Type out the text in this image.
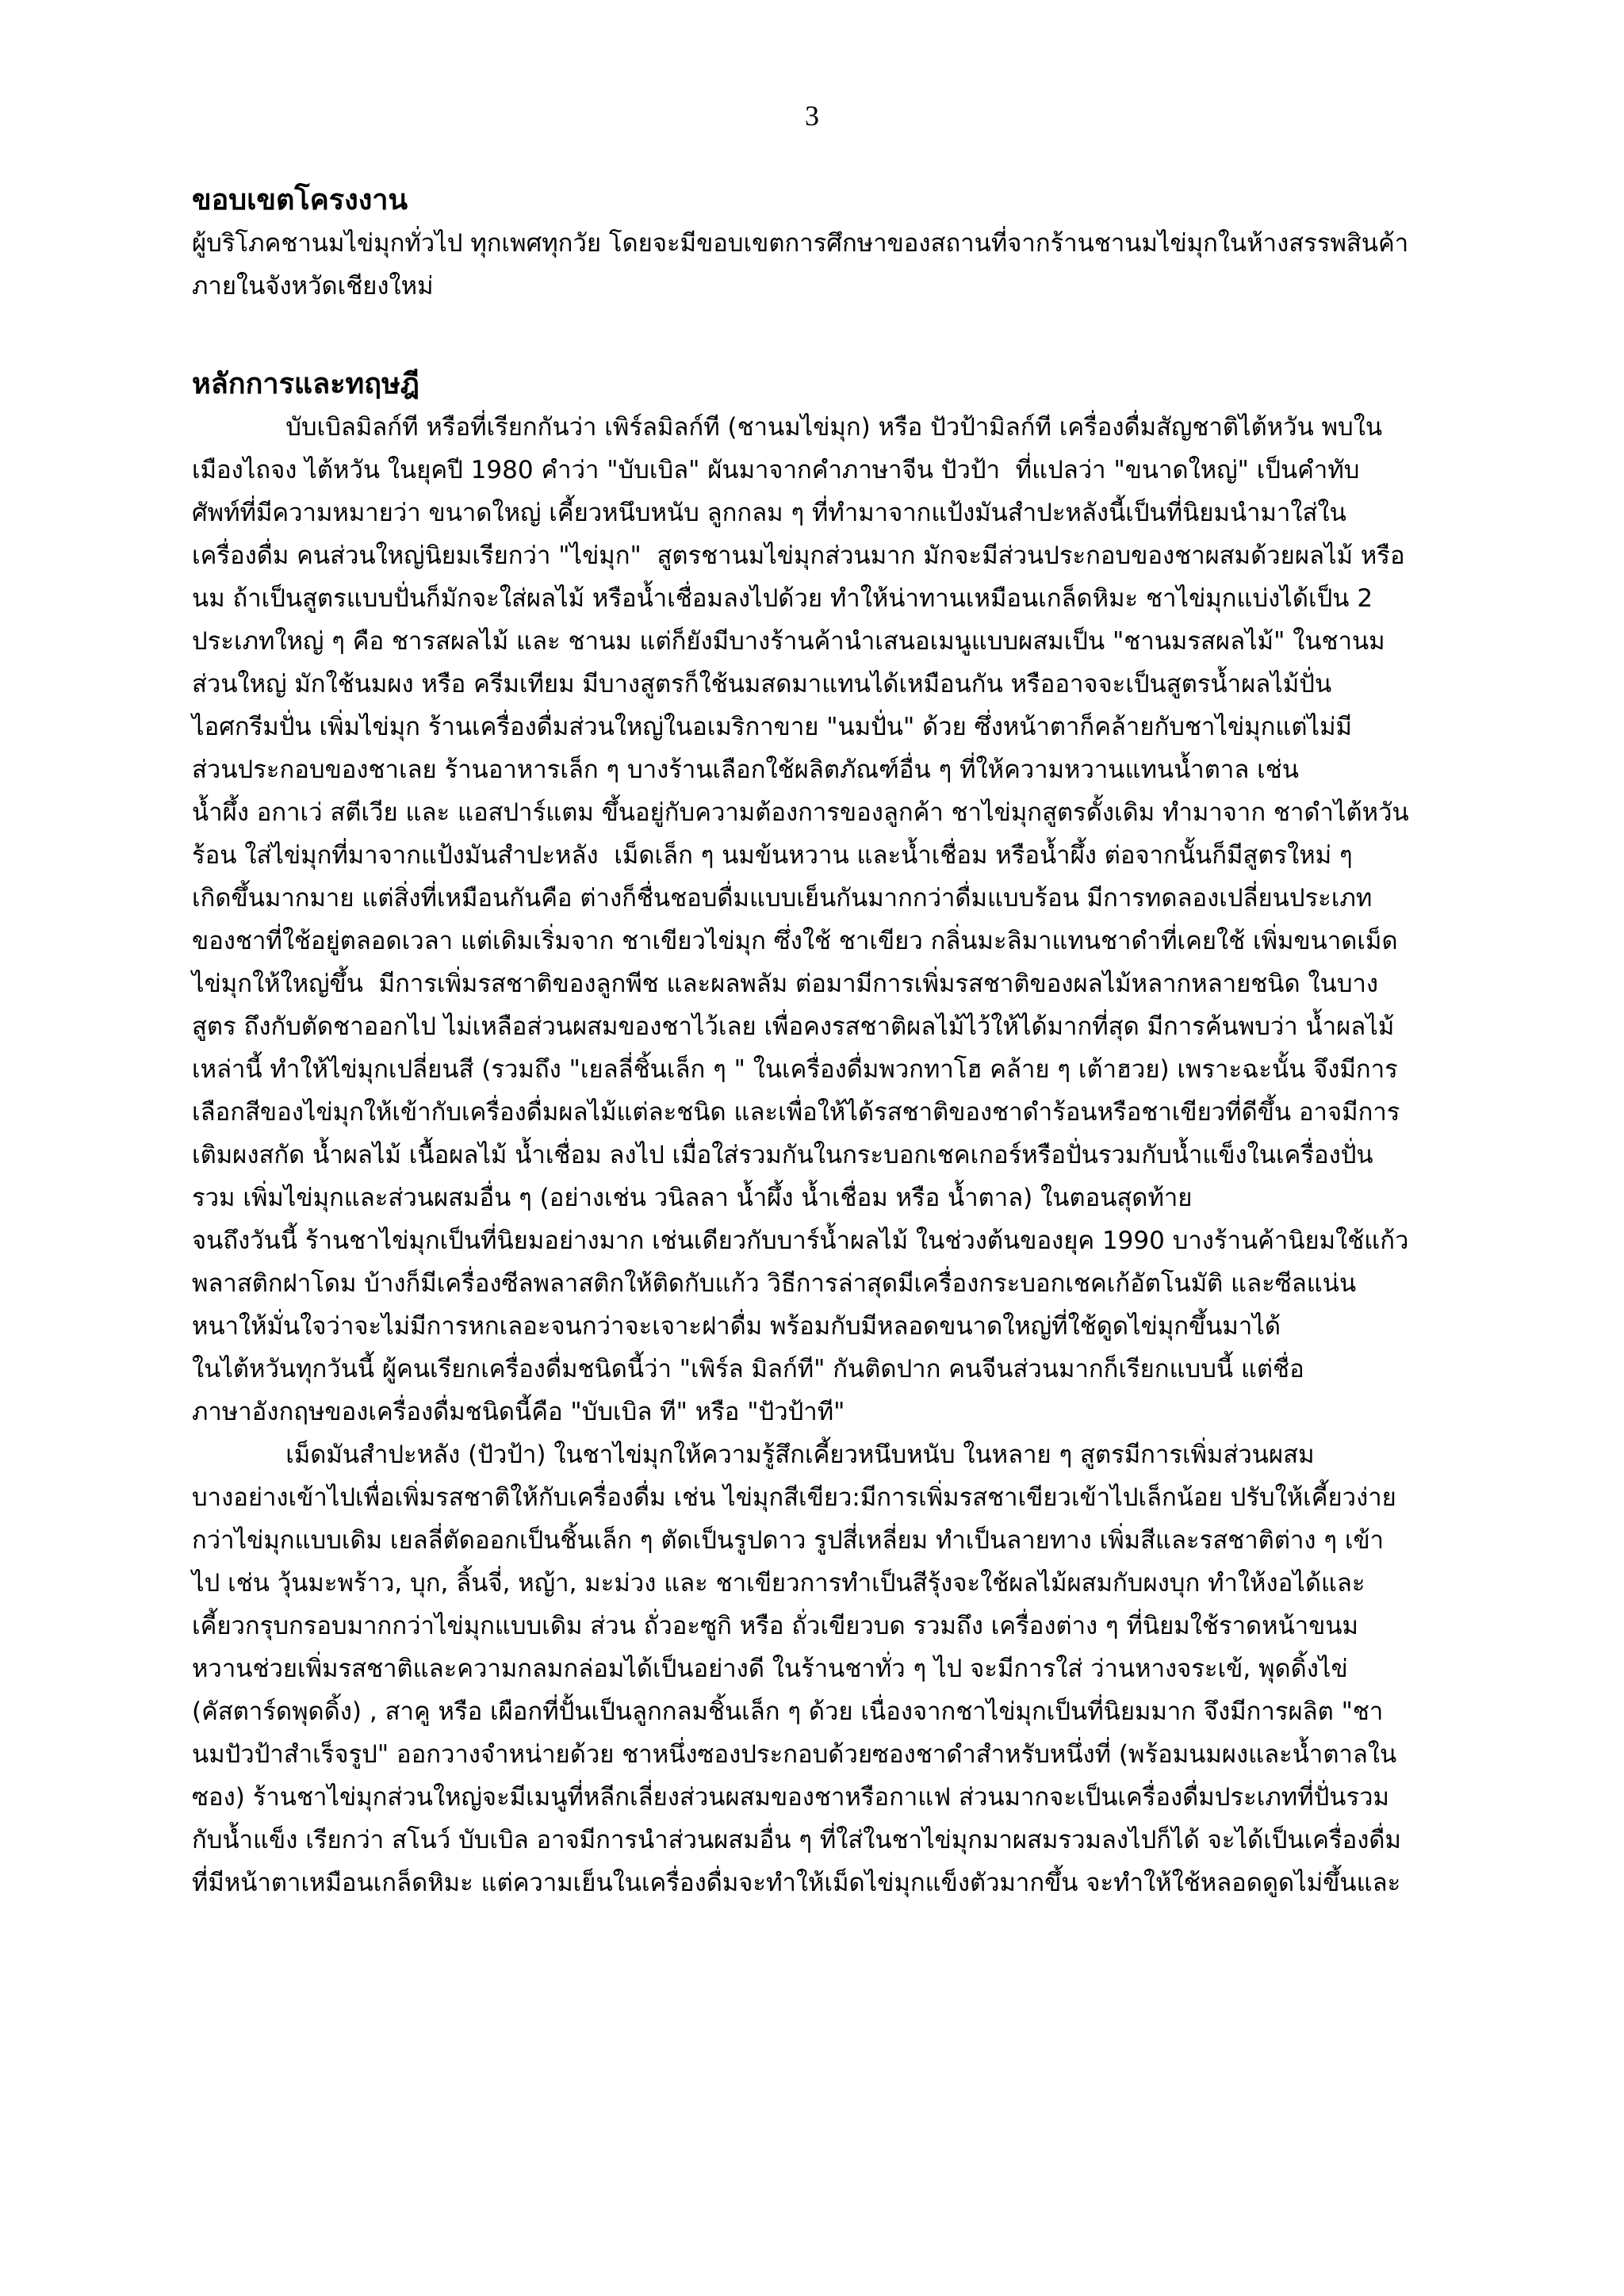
3
ขอบเขตโครงงาน
ผู้บริโภคชานมไข่มุกทั่วไป ทุกเพศทุกวัย โดยจะมีขอบเขตการศึกษาของสถานที่จากร้านชานมไข่มุกในห้างสรรพสินค้า
ภายในจังหวัดเชียงใหม่
หลักการและทฤษฎี
บับเบิลมิลก์ที หรือที่เรียกกันว่า เพิร์ลมิลก์ที (ชานมไข่มุก) หรือ ปัวป้ามิลก์ที เครื่องดื่มสัญชาติไต้หวัน พบใน
เมืองไถจง ไต้หวัน ในยุคปี 1980 คำว่า "บับเบิล" ผันมาจากคำภาษาจีน ปัวป้า  ที่แปลว่า "ขนาดใหญ่" เป็นคำทับ
ศัพท์ที่มีความหมายว่า ขนาดใหญ่ เคี้ยวหนึบหนับ ลูกกลม ๆ ที่ทำมาจากแป้งมันสำปะหลังนี้เป็นที่นิยมนำมาใส่ใน
เครื่องดื่ม คนส่วนใหญ่นิยมเรียกว่า "ไข่มุก"  สูตรชานมไข่มุกส่วนมาก มักจะมีส่วนประกอบของชาผสมด้วยผลไม้ หรือ
นม ถ้าเป็นสูตรแบบปั่นก็มักจะใส่ผลไม้ หรือน้ำเชื่อมลงไปด้วย ทำให้น่าทานเหมือนเกล็ดหิมะ ชาไข่มุกแบ่งได้เป็น 2
ประเภทใหญ่ ๆ คือ ชารสผลไม้ และ ชานม แต่ก็ยังมีบางร้านค้านำเสนอเมนูแบบผสมเป็น "ชานมรสผลไม้" ในชานม
ส่วนใหญ่ มักใช้นมผง หรือ ครีมเทียม มีบางสูตรก็ใช้นมสดมาแทนได้เหมือนกัน หรืออาจจะเป็นสูตรน้ำผลไม้ปั่น
ไอศกรีมปั่น เพิ่มไข่มุก ร้านเครื่องดื่มส่วนใหญ่ในอเมริกาขาย "นมปั่น" ด้วย ซึ่งหน้าตาก็คล้ายกับชาไข่มุกแต่ไม่มี
ส่วนประกอบของชาเลย ร้านอาหารเล็ก ๆ บางร้านเลือกใช้ผลิตภัณฑ์อื่น ๆ ที่ให้ความหวานแทนน้ำตาล เช่น
น้ำผึ้ง อกาเว่ สตีเวีย และ แอสปาร์แตม ขึ้นอยู่กับความต้องการของลูกค้า ชาไข่มุกสูตรดั้งเดิม ทำมาจาก ชาดำไต้หวัน
ร้อน ใส่ไข่มุกที่มาจากแป้งมันสำปะหลัง  เม็ดเล็ก ๆ นมข้นหวาน และน้ำเชื่อม หรือน้ำผึ้ง ต่อจากนั้นก็มีสูตรใหม่ ๆ
เกิดขึ้นมากมาย แต่สิ่งที่เหมือนกันคือ ต่างก็ชื่นชอบดื่มแบบเย็นกันมากกว่าดื่มแบบร้อน มีการทดลองเปลี่ยนประเภท
ของชาที่ใช้อยู่ตลอดเวลา แต่เดิมเริ่มจาก ชาเขียวไข่มุก ซึ่งใช้ ชาเขียว กลิ่นมะลิมาแทนชาดำที่เคยใช้ เพิ่มขนาดเม็ด
ไข่มุกให้ใหญ่ขึ้น  มีการเพิ่มรสชาติของลูกพีช และผลพลัม ต่อมามีการเพิ่มรสชาติของผลไม้หลากหลายชนิด ในบาง
สูตร ถึงกับตัดชาออกไป ไม่เหลือส่วนผสมของชาไว้เลย เพื่อคงรสชาติผลไม้ไว้ให้ได้มากที่สุด มีการค้นพบว่า น้ำผลไม้
เหล่านี้ ทำให้ไข่มุกเปลี่ยนสี (รวมถึง "เยลลี่ชิ้นเล็ก ๆ " ในเครื่องดื่มพวกทาโฮ คล้าย ๆ เต้าฮวย) เพราะฉะนั้น จึงมีการ
เลือกสีของไข่มุกให้เข้ากับเครื่องดื่มผลไม้แต่ละชนิด และเพื่อให้ได้รสชาติของชาดำร้อนหรือชาเขียวที่ดีขึ้น อาจมีการ
เติมผงสกัด น้ำผลไม้ เนื้อผลไม้ น้ำเชื่อม ลงไป เมื่อใส่รวมกันในกระบอกเชคเกอร์หรือปั่นรวมกับน้ำแข็งในเครื่องปั่น
รวม เพิ่มไข่มุกและส่วนผสมอื่น ๆ (อย่างเช่น วนิลลา น้ำผึ้ง น้ำเชื่อม หรือ น้ำตาล) ในตอนสุดท้าย
จนถึงวันนี้ ร้านชาไข่มุกเป็นที่นิยมอย่างมาก เช่นเดียวกับบาร์น้ำผลไม้ ในช่วงต้นของยุค 1990 บางร้านค้านิยมใช้แก้ว
พลาสติกฝาโดม บ้างก็มีเครื่องซีลพลาสติกให้ติดกับแก้ว วิธีการล่าสุดมีเครื่องกระบอกเชคเก้อัตโนมัติ และซีลแน่น
หนาให้มั่นใจว่าจะไม่มีการหกเลอะจนกว่าจะเจาะฝาดื่ม พร้อมกับมีหลอดขนาดใหญ่ที่ใช้ดูดไข่มุกขึ้นมาได้
ในไต้หวันทุกวันนี้ ผู้คนเรียกเครื่องดื่มชนิดนี้ว่า "เพิร์ล มิลก์ที" กันติดปาก คนจีนส่วนมากก็เรียกแบบนี้ แต่ชื่อ
ภาษาอังกฤษของเครื่องดื่มชนิดนี้คือ "บับเบิล ที" หรือ "ปัวป้าที"
เม็ดมันสำปะหลัง (ปัวป้า) ในชาไข่มุกให้ความรู้สึกเคี้ยวหนึบหนับ ในหลาย ๆ สูตรมีการเพิ่มส่วนผสม
บางอย่างเข้าไปเพื่อเพิ่มรสชาติให้กับเครื่องดื่ม เช่น ไข่มุกสีเขียว:มีการเพิ่มรสชาเขียวเข้าไปเล็กน้อย ปรับให้เคี้ยวง่าย
กว่าไข่มุกแบบเดิม เยลลี่ตัดออกเป็นชิ้นเล็ก ๆ ตัดเป็นรูปดาว รูปสี่เหลี่ยม ทำเป็นลายทาง เพิ่มสีและรสชาติต่าง ๆ เข้า
ไป เช่น วุ้นมะพร้าว, บุก, ลิ้นจี่, หญ้า, มะม่วง และ ชาเขียวการทำเป็นสีรุ้งจะใช้ผลไม้ผสมกับผงบุก ทำให้งอได้และ
เคี้ยวกรุบกรอบมากกว่าไข่มุกแบบเดิม ส่วน ถั่วอะซูกิ หรือ ถั่วเขียวบด รวมถึง เครื่องต่าง ๆ ที่นิยมใช้ราดหน้าขนม
หวานช่วยเพิ่มรสชาติและความกลมกล่อมได้เป็นอย่างดี ในร้านชาทั่ว ๆ ไป จะมีการใส่ ว่านหางจระเข้, พุดดิ้งไข่
(คัสตาร์ดพุดดิ้ง) , สาคู หรือ เผือกที่ปั้นเป็นลูกกลมชิ้นเล็ก ๆ ด้วย เนื่องจากชาไข่มุกเป็นที่นิยมมาก จึงมีการผลิต "ชา
นมปัวป้าสำเร็จรูป" ออกวางจำหน่ายด้วย ชาหนึ่งซองประกอบด้วยซองชาดำสำหรับหนึ่งที่ (พร้อมนมผงและน้ำตาลใน
ซอง) ร้านชาไข่มุกส่วนใหญ่จะมีเมนูที่หลีกเลี่ยงส่วนผสมของชาหรือกาแฟ ส่วนมากจะเป็นเครื่องดื่มประเภทที่ปั่นรวม
กับน้ำแข็ง เรียกว่า สโนว์ บับเบิล อาจมีการนำส่วนผสมอื่น ๆ ที่ใส่ในชาไข่มุกมาผสมรวมลงไปก็ได้ จะได้เป็นเครื่องดื่ม
ที่มีหน้าตาเหมือนเกล็ดหิมะ แต่ความเย็นในเครื่องดื่มจะทำให้เม็ดไข่มุกแข็งตัวมากขึ้น จะทำให้ใช้หลอดดูดไม่ขึ้นและ
